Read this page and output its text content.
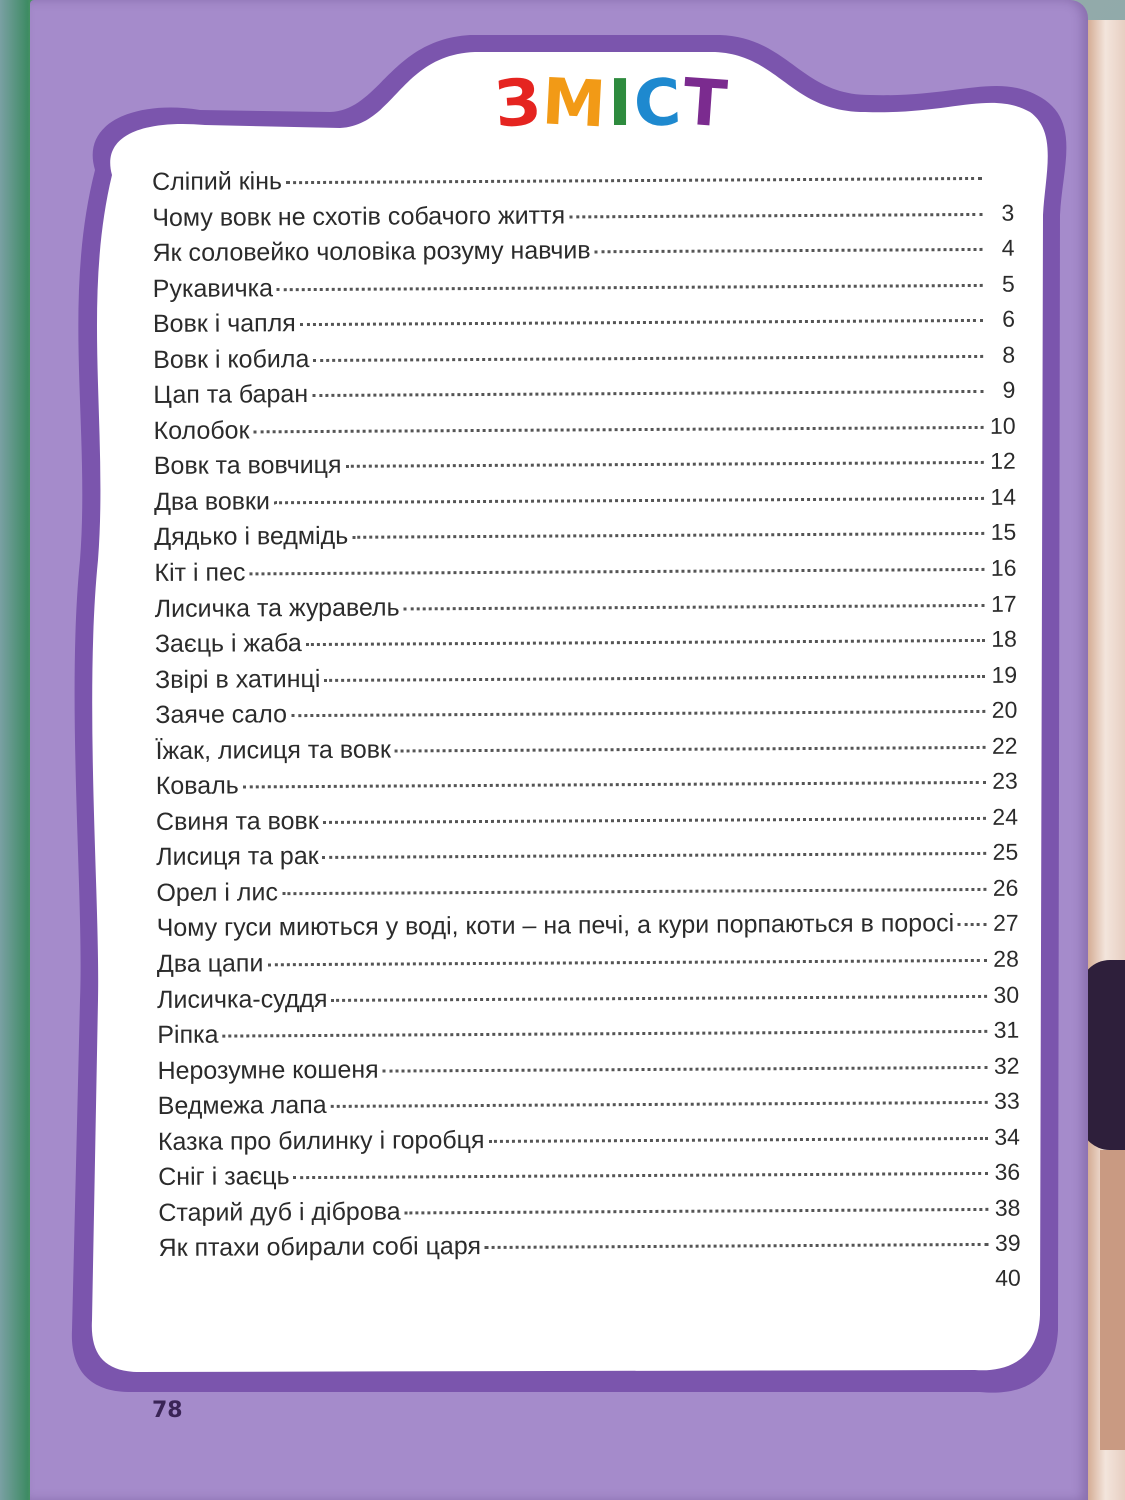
ЗМІСТ
Сліпий кінь
Чому вовк не схотів собачого життя	3
Як соловейко чоловіка розуму навчив	4
Рукавичка	5
Вовк і чапля	6
Вовк і кобила	8
Цап та баран	9
Колобок	10
Вовк та вовчиця	12
Два вовки	14
Дядько і ведмідь	15
Кіт і пес	16
Лисичка та журавель	17
Заєць і жаба	18
Звірі в хатинці	19
Заяче сало	20
Їжак, лисиця та вовк	22
Коваль	23
Свиня та вовк	24
Лисиця та рак	25
Орел і лис	26
Чому гуси миються у воді, коти – на печі, а кури порпаються в поросі 27
Два цапи	28
Лисичка-суддя	30
Ріпка	31
Нерозумне кошеня	32
Ведмежа лапа	33
Казка про билинку і горобця	34
Сніг і заєць	36
Старий дуб і діброва	38
Як птахи обирали собі царя	39
40
78
